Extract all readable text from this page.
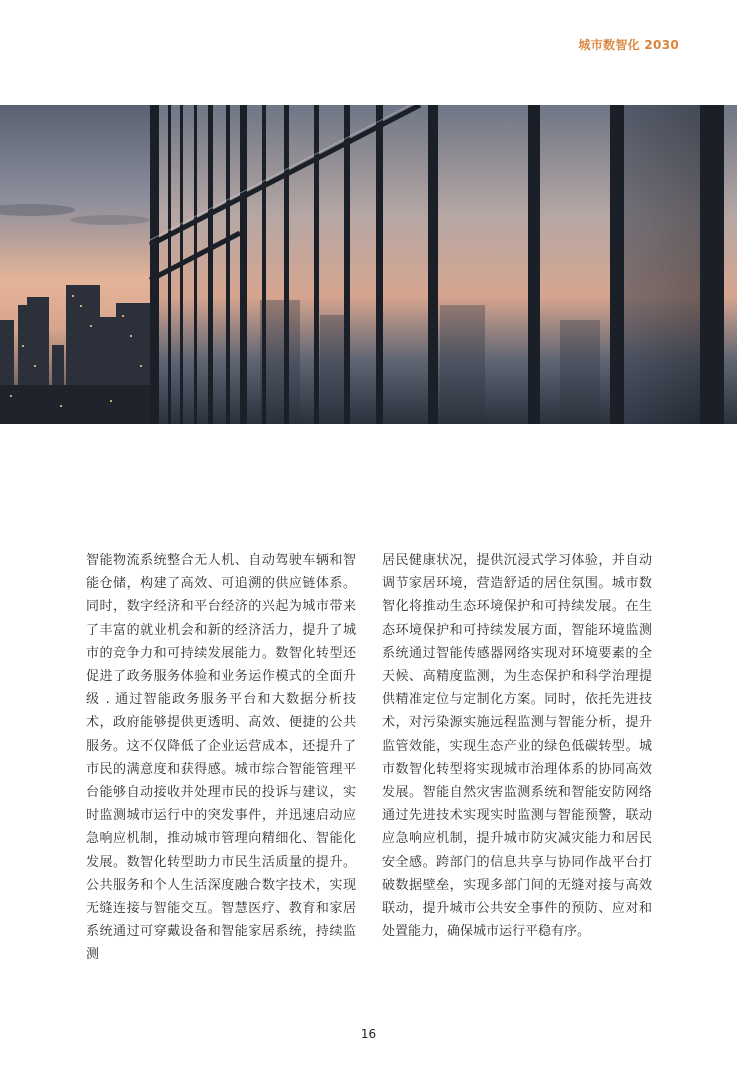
城市数智化 2030
智能物流系统整合无人机、自动驾驶车辆和智能仓储，构建了高效、可追溯的供应链体系。同时，数字经济和平台经济的兴起为城市带来了丰富的就业机会和新的经济活力，提升了城市的竞争力和可持续发展能力。数智化转型还促进了政务服务体验和业务运作模式的全面升级 . 通过智能政务服务平台和大数据分析技术，政府能够提供更透明、高效、便捷的公共服务。这不仅降低了企业运营成本，还提升了市民的满意度和获得感。城市综合智能管理平台能够自动接收并处理市民的投诉与建议，实时监测城市运行中的突发事件，并迅速启动应急响应机制，推动城市管理向精细化、智能化发展。数智化转型助力市民生活质量的提升。公共服务和个人生活深度融合数字技术，实现无缝连接与智能交互。智慧医疗、教育和家居系统通过可穿戴设备和智能家居系统，持续监测
居民健康状况，提供沉浸式学习体验，并自动调节家居环境，营造舒适的居住氛围。城市数智化将推动生态环境保护和可持续发展。在生态环境保护和可持续发展方面，智能环境监测系统通过智能传感器网络实现对环境要素的全天候、高精度监测，为生态保护和科学治理提供精准定位与定制化方案。同时，依托先进技术，对污染源实施远程监测与智能分析，提升监管效能，实现生态产业的绿色低碳转型。城市数智化转型将实现城市治理体系的协同高效发展。智能自然灾害监测系统和智能安防网络通过先进技术实现实时监测与智能预警，联动应急响应机制，提升城市防灾减灾能力和居民安全感。跨部门的信息共享与协同作战平台打破数据壁垒，实现多部门间的无缝对接与高效联动，提升城市公共安全事件的预防、应对和处置能力，确保城市运行平稳有序。
16
